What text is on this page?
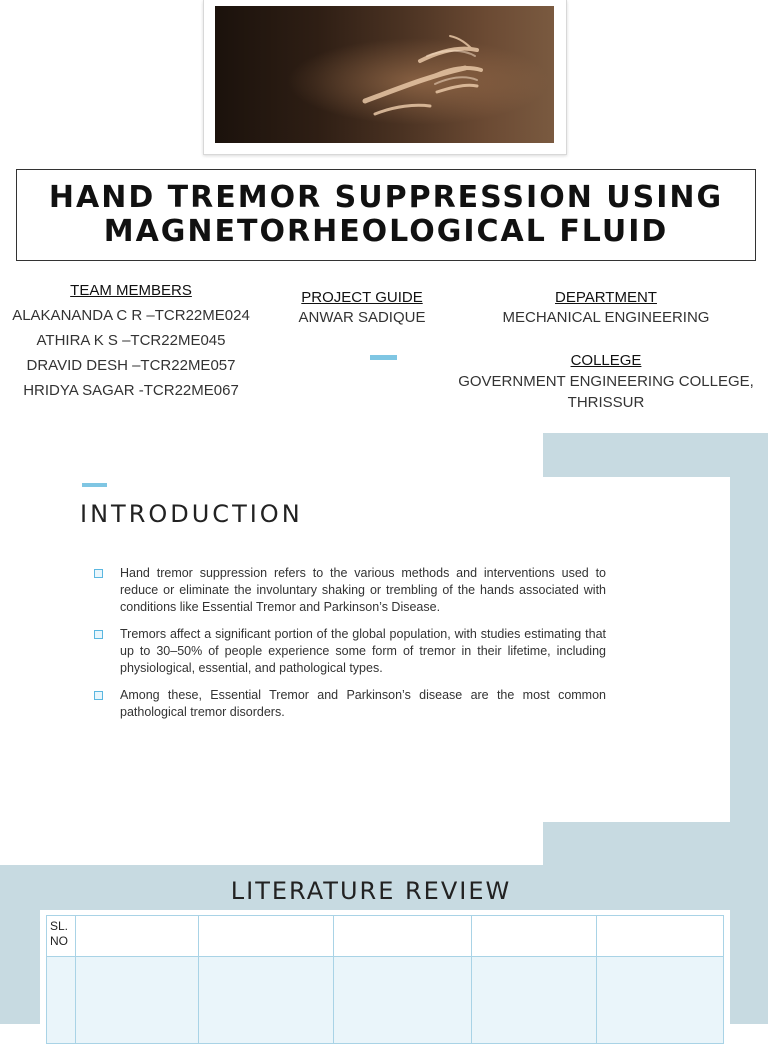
HAND TREMOR SUPPRESSION USING
MAGNETORHEOLOGICAL FLUID
TEAM MEMBERS
ALAKANANDA C R –TCR22ME024
ATHIRA K S –TCR22ME045
DRAVID DESH –TCR22ME057
HRIDYA SAGAR -TCR22ME067
PROJECT GUIDE
ANWAR SADIQUE
DEPARTMENT
MECHANICAL ENGINEERING
COLLEGE
GOVERNMENT ENGINEERING COLLEGE,
THRISSUR
INTRODUCTION
Hand tremor suppression refers to the various methods and interventions used to reduce or eliminate the involuntary shaking or trembling of the hands associated with conditions like Essential Tremor and Parkinson’s Disease.
Tremors affect a significant portion of the global population, with studies estimating that up to 30–50% of people experience some form of tremor in their lifetime, including physiological, essential, and pathological types.
Among these, Essential Tremor and Parkinson’s disease are the most common pathological tremor disorders.
LITERATURE REVIEW
SL. NO					
